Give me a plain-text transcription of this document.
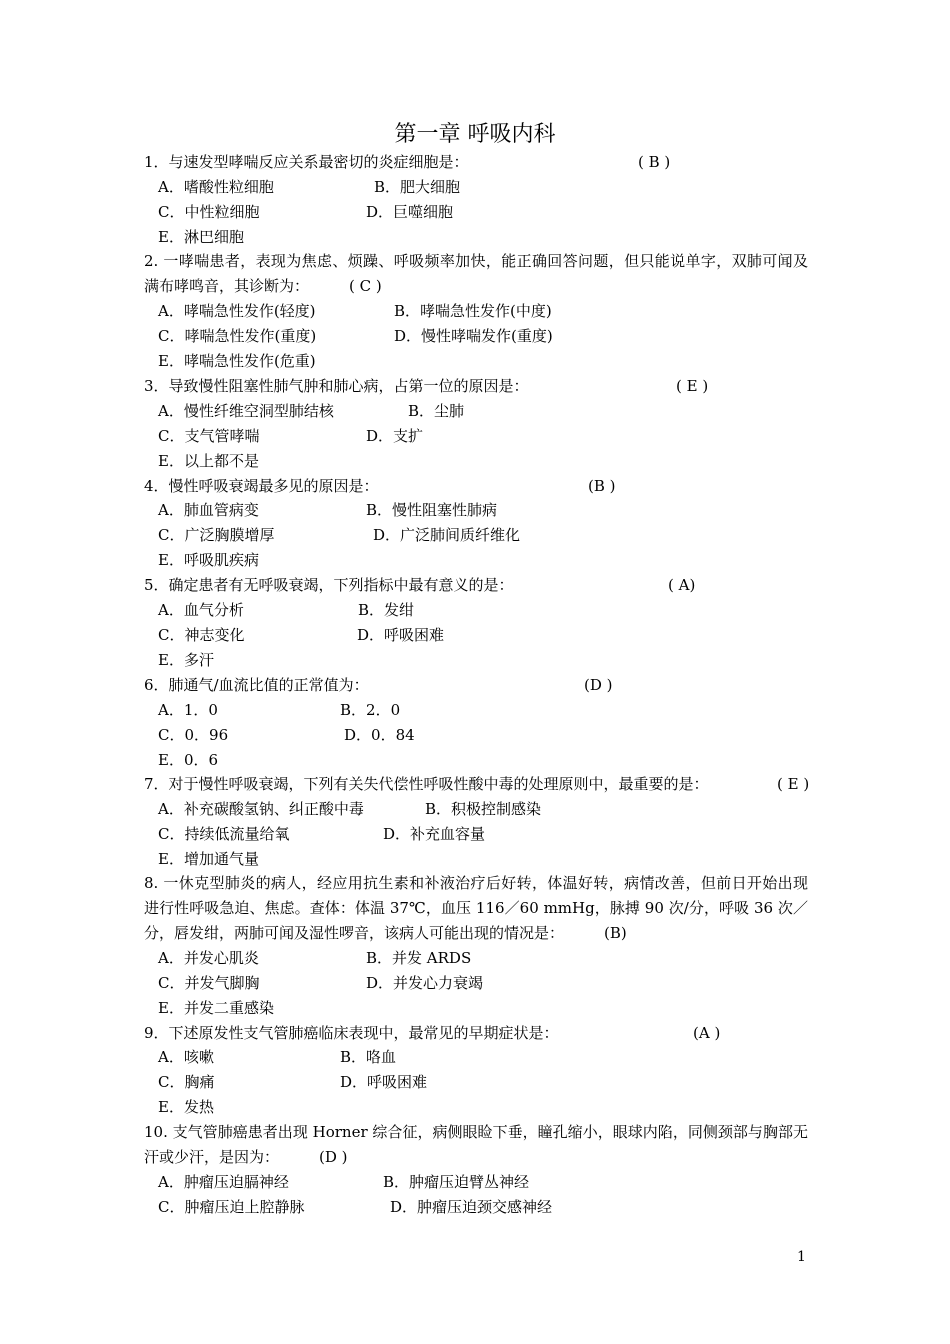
第一章 呼吸内科
1．与速发型哮喘反应关系最密切的炎症细胞是：	( B )
A．嗜酸性粒细胞	B．肥大细胞
C．中性粒细胞	D．巨噬细胞
E．淋巴细胞
2. 一哮喘患者，表现为焦虑、烦躁、呼吸频率加快，能正确回答问题，但只能说单字，双肺可闻及满布哮鸣音，其诊断为：	( C )
A．哮喘急性发作(轻度)	B．哮喘急性发作(中度)
C．哮喘急性发作(重度)	D．慢性哮喘发作(重度)
E．哮喘急性发作(危重)
3．导致慢性阻塞性肺气肿和肺心病，占第一位的原因是：	( E )
A．慢性纤维空洞型肺结核	B．尘肺
C．支气管哮喘	D．支扩
E．以上都不是
4．慢性呼吸衰竭最多见的原因是：	(B )
A．肺血管病变	B．慢性阻塞性肺病
C．广泛胸膜增厚	D．广泛肺间质纤维化
E．呼吸肌疾病
5．确定患者有无呼吸衰竭，下列指标中最有意义的是：	( A)
A．血气分析	B．发绀
C．神志变化	D．呼吸困难
E．多汗
6．肺通气/血流比值的正常值为：	(D )
A．1．0	B．2．0
C．0．96	D．0．84
E．0．6
7．对于慢性呼吸衰竭，下列有关失代偿性呼吸性酸中毒的处理原则中，最重要的是：	( E )
A．补充碳酸氢钠、纠正酸中毒	B．积极控制感染
C．持续低流量给氧	D．补充血容量
E．增加通气量
8. 一休克型肺炎的病人，经应用抗生素和补液治疗后好转，体温好转，病情改善，但前日开始出现进行性呼吸急迫、焦虑。查体：体温 37℃，血压 116／60 mmHg，脉搏 90 次/分，呼吸 36 次／分，唇发绀，两肺可闻及湿性啰音，该病人可能出现的情况是：	(B)
A．并发心肌炎	B．并发 ARDS
C．并发气脚胸	D．并发心力衰竭
E．并发二重感染
9．下述原发性支气管肺癌临床表现中，最常见的早期症状是：	(A )
A．咳嗽	B．咯血
C．胸痛	D．呼吸困难
E．发热
10. 支气管肺癌患者出现 Horner 综合征，病侧眼睑下垂，瞳孔缩小，眼球内陷，同侧颈部与胸部无汗或少汗，是因为：	(D )
A．肿瘤压迫膈神经	B．肿瘤压迫臂丛神经
C．肿瘤压迫上腔静脉	D．肿瘤压迫颈交感神经
1
